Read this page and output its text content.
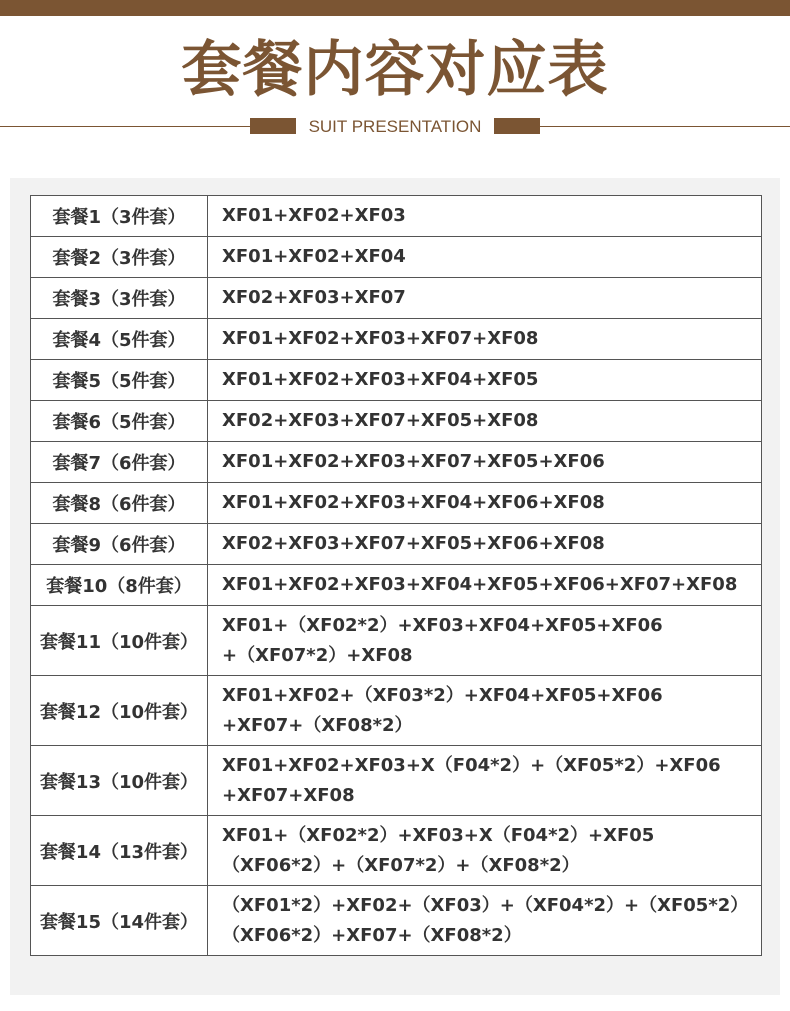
套餐内容对应表
SUIT PRESENTATION
套餐1（3件套）	XF01+XF02+XF03

套餐2（3件套）	XF01+XF02+XF04

套餐3（3件套）	XF02+XF03+XF07

套餐4（5件套）	XF01+XF02+XF03+XF07+XF08

套餐5（5件套）	XF01+XF02+XF03+XF04+XF05

套餐6（5件套）	XF02+XF03+XF07+XF05+XF08

套餐7（6件套）	XF01+XF02+XF03+XF07+XF05+XF06

套餐8（6件套）	XF01+XF02+XF03+XF04+XF06+XF08

套餐9（6件套）	XF02+XF03+XF07+XF05+XF06+XF08

套餐10（8件套）	XF01+XF02+XF03+XF04+XF05+XF06+XF07+XF08

套餐11（10件套）	XF01+（XF02*2）+XF03+XF04+XF05+XF06
+（XF07*2）+XF08

套餐12（10件套）	XF01+XF02+（XF03*2）+XF04+XF05+XF06
+XF07+（XF08*2）

套餐13（10件套）	XF01+XF02+XF03+X（F04*2）+（XF05*2）+XF06
+XF07+XF08

套餐14（13件套）	XF01+（XF02*2）+XF03+X（F04*2）+XF05
（XF06*2）+（XF07*2）+（XF08*2）

套餐15（14件套）	（XF01*2）+XF02+（XF03）+（XF04*2）+（XF05*2）
（XF06*2）+XF07+（XF08*2）
